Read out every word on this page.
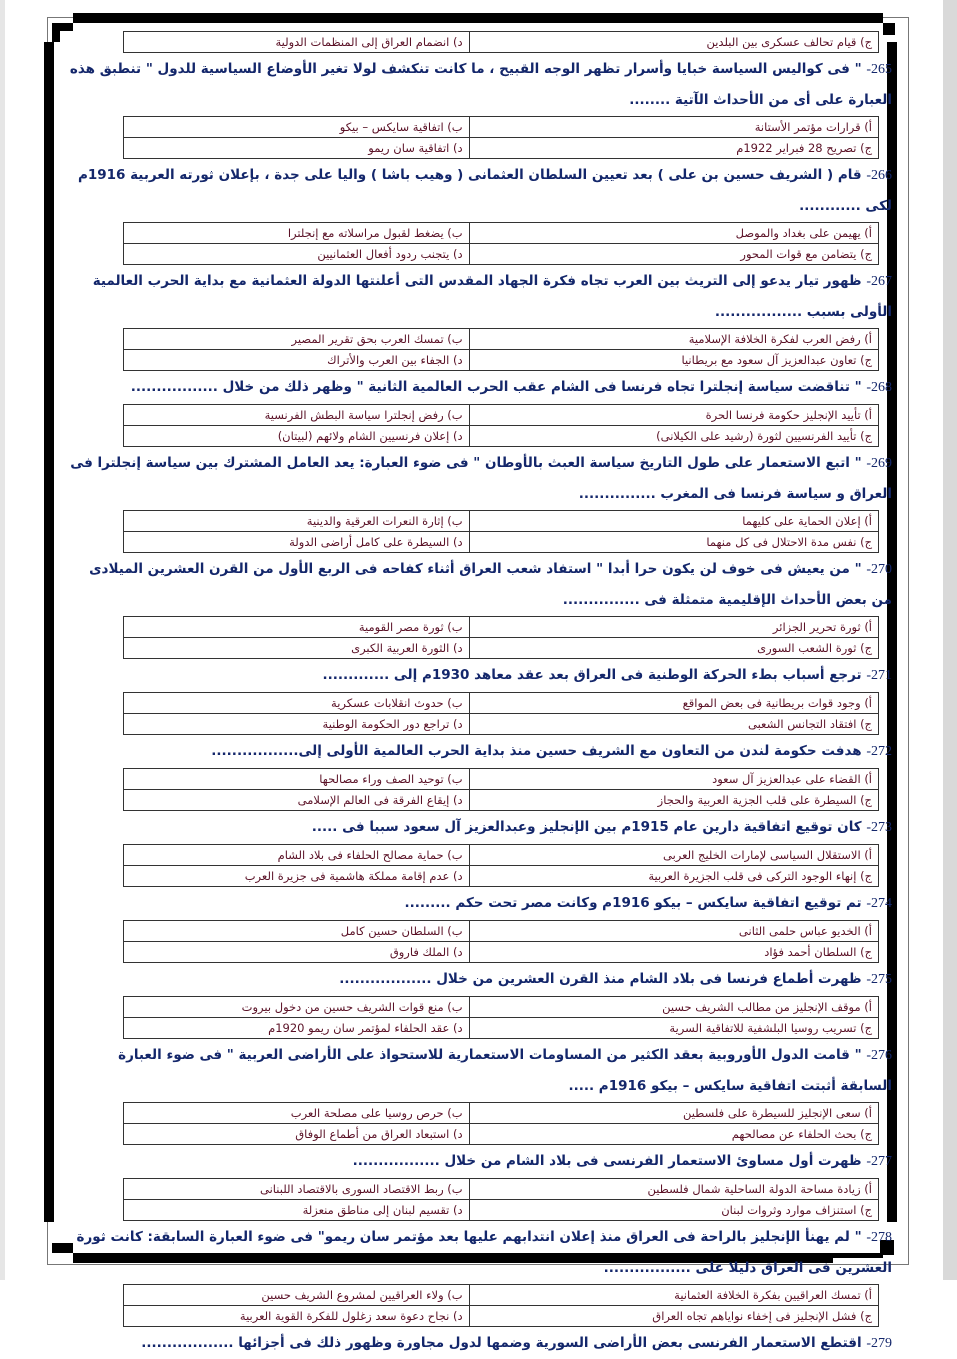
ج) قيام تحالف عسكرى بين البلدين	د) انضمام العراق إلى المنظمات الدولية
265- " فى كواليس السياسة خبايا وأسرار تظهر الوجه القبيح ، ما كانت تنكشف لولا تغير الأوضاع السياسية للدول " تنطبق هذه العبارة على أى من الأحداث الآتية ........
أ) قرارات مؤتمر الأستانة	ب) اتفاقية سايكس – بيكو
ج) تصريح 28 فبراير 1922م	د) اتفاقية سان ريمو
266- قام ( الشريف حسين بن على ) بعد تعيين السلطان العثمانى ( وهيب باشا ) واليا على جدة ، بإعلان ثورته العربية 1916م لكى ............
أ) يهيمن على بغداد والموصل	ب) يضغط لقبول مراسلاته مع إنجلترا
ج) يتضامن مع قوات المحور	د) يتجنب ردود أفعال العثمانيين
267- ظهور تيار يدعو إلى التريث بين العرب تجاه فكرة الجهاد المقدس التى أعلنتها الدولة العثمانية مع بداية الحرب العالمية الأولى بسبب .................
أ) رفض العرب لفكرة الخلافة الإسلامية	ب) تمسك العرب بحق تقرير المصير
ج) تعاون عبدالعزيز آل سعود مع بريطانيا	د) الجفاء بين العرب والأتراك
268- " تناقضت سياسة إنجلترا تجاه فرنسا فى الشام عقب الحرب العالمية الثانية " وظهر ذلك من خلال .................
أ) تأييد الإنجليز حكومة فرنسا الحرة	ب) رفض إنجلترا سياسة البطش الفرنسية
ج) تأييد الفرنسيين لثورة (رشيد على الكيلانى)	د) إعلان فرنسيين الشام ولائهم (لبيتان)
269- " اتبع الاستعمار على طول التاريخ سياسة العبث بالأوطان " فى ضوء العبارة: يعد العامل المشترك بين سياسة إنجلترا فى العراق و سياسة فرنسا فى المغرب ...............
أ) إعلان الحماية على كليهما	ب) إثارة النعرات العرقية والدينية
ج) نفس مدة الاحتلال فى كل منهما	د) السيطرة على كامل أراضى الدولة
270- " من يعيش فى خوف لن يكون حرا أبدا " استفاد شعب العراق أثناء كفاحه فى الربع الأول من القرن العشرين الميلادى من بعض الأحداث الإقليمية متمثلة فى ...............
أ) ثورة تحرير الجزائر	ب) ثورة مصر القومية
ج) ثورة الشعب السورى	د) الثورة العربية الكبرى
271- ترجع أسباب بطء الحركة الوطنية فى العراق بعد عقد معاهد 1930م إلى .............
أ) وجود قوات بريطانية فى بعض المواقع	ب) حدوث انقلابات عسكرية
ج) افتقاد التجانس الشعبى	د) تراجع دور الحكومة الوطنية
272- هدفت حكومة لندن من التعاون مع الشريف حسين منذ بداية الحرب العالمية الأولى إلى.................
أ) القضاء على عبدالعزيز آل سعود	ب) توحيد الصف وراء مصالحها
ج) السيطرة على قلب الجزية العربية والحجاز	د) إيقاع الفرقة فى العالم الإسلامى
273- كان توقيع اتفاقية دارين عام 1915م بين الإنجليز وعبدالعزيز آل سعود سببا فى .....
أ) الاستقلال السياسى لإمارات الخليج العربى	ب) حماية مصالح الحلفاء فى بلاد الشام
ج) إنهاء الوجود التركى فى قلب الجزيرة العربية	د) عدم إقامة مملكة هاشمية فى جزيرة العرب
274- تم توقيع اتفاقية سايكس – بيكو 1916م وكانت مصر تحت حكم .........
أ) الخديو عباس حلمى الثانى	ب) السلطان حسين كامل
ج) السلطان أحمد فؤاد	د) الملك فاروق
275- ظهرت أطماع فرنسا فى بلاد الشام منذ القرن العشرين من خلال ..................
أ) موقف الإنجليز من مطالب الشريف حسين	ب) منع قوات الشريف حسين من دخول بيروت
ج) تسريب روسيا البلشفية للاتفاقية السرية	د) عقد الحلفاء لمؤتمر سان ريمو 1920م
276- " قامت الدول الأوروبية بعقد الكثير من المساومات الاستعمارية للاستحواذ على الأراضى العربية " فى ضوء العبارة السابقة أثبتت اتفاقية سايكس – بيكو 1916م .....
أ) سعى الإنجليز للسيطرة على فلسطين	ب) حرص روسيا على مصلحة العرب
ج) بحث الحلفاء عن مصالحهم	د) استبعاد العراق من أطماع الوفاق
277- ظهرت أول مساوئ الاستعمار الفرنسى فى بلاد الشام من خلال .................
أ) زيادة مساحة الدولة الساحلية شمال فلسطين	ب) ربط الاقتصاد السورى بالاقتصاد اللبنانى
ج) استنزاف موارد وثروات لبنان	د) تقسيم لبنان إلى مناطق منعزلة
278- " لم يهنأ الإنجليز بالراحة فى العراق منذ إعلان انتدابهم عليها بعد مؤتمر سان ريمو" فى ضوء العبارة السابقة: كانت ثورة العشرين فى العراق دليلا على .................
أ) تمسك العراقيين بفكرة الخلافة العثمانية	ب) ولاء العراقيين لمشروع الشريف حسين
ج) فشل الإنجليز فى إخفاء نواياهم تجاه العراق	د) نجاح دعوة سعد زغلول للفكرة القوية العربية
279- اقتطع الاستعمار الفرنسى بعض الأراضى السورية وضمها لدول مجاورة وظهور ذلك فى أجزائها ..................
